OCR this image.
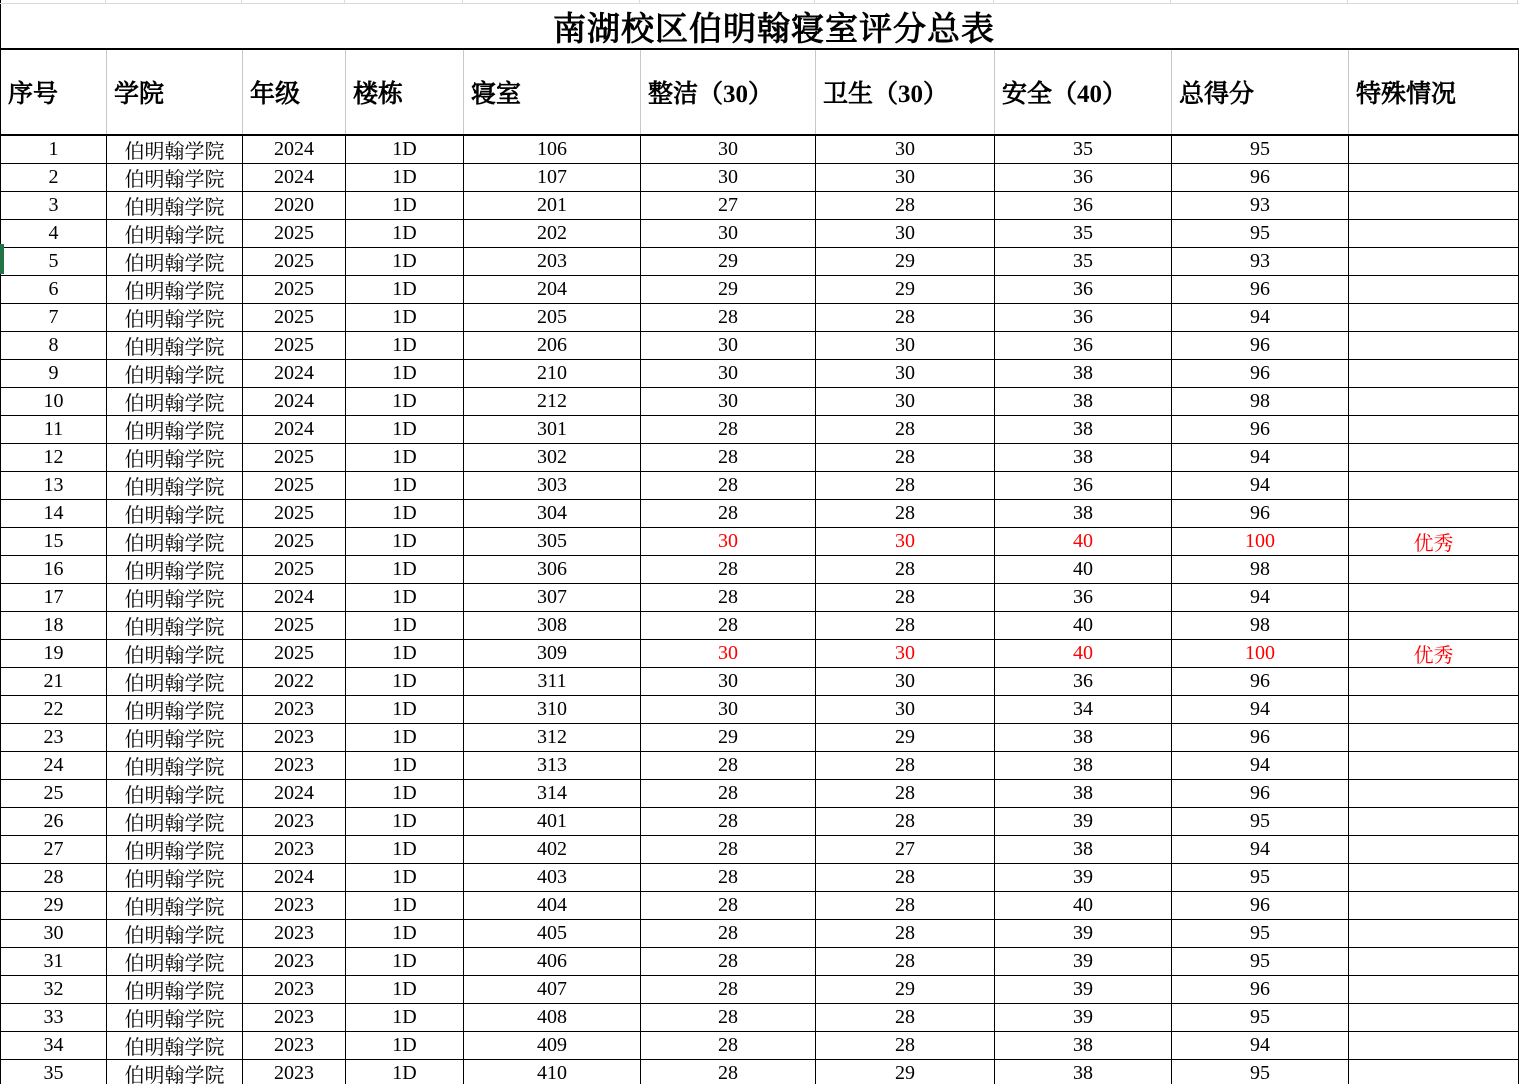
南湖校区伯明翰寝室评分总表
序号	学院	年级	楼栋	寝室	整洁（30）	卫生（30）	安全（40）	总得分	特殊情况
1	伯明翰学院	2024	1D	106	30	30	35	95
2	伯明翰学院	2024	1D	107	30	30	36	96
3	伯明翰学院	2020	1D	201	27	28	36	93
4	伯明翰学院	2025	1D	202	30	30	35	95
5	伯明翰学院	2025	1D	203	29	29	35	93
6	伯明翰学院	2025	1D	204	29	29	36	96
7	伯明翰学院	2025	1D	205	28	28	36	94
8	伯明翰学院	2025	1D	206	30	30	36	96
9	伯明翰学院	2024	1D	210	30	30	38	96
10	伯明翰学院	2024	1D	212	30	30	38	98
11	伯明翰学院	2024	1D	301	28	28	38	96
12	伯明翰学院	2025	1D	302	28	28	38	94
13	伯明翰学院	2025	1D	303	28	28	36	94
14	伯明翰学院	2025	1D	304	28	28	38	96
15	伯明翰学院	2025	1D	305	30	30	40	100	优秀
16	伯明翰学院	2025	1D	306	28	28	40	98
17	伯明翰学院	2024	1D	307	28	28	36	94
18	伯明翰学院	2025	1D	308	28	28	40	98
19	伯明翰学院	2025	1D	309	30	30	40	100	优秀
21	伯明翰学院	2022	1D	311	30	30	36	96
22	伯明翰学院	2023	1D	310	30	30	34	94
23	伯明翰学院	2023	1D	312	29	29	38	96
24	伯明翰学院	2023	1D	313	28	28	38	94
25	伯明翰学院	2024	1D	314	28	28	38	96
26	伯明翰学院	2023	1D	401	28	28	39	95
27	伯明翰学院	2023	1D	402	28	27	38	94
28	伯明翰学院	2024	1D	403	28	28	39	95
29	伯明翰学院	2023	1D	404	28	28	40	96
30	伯明翰学院	2023	1D	405	28	28	39	95
31	伯明翰学院	2023	1D	406	28	28	39	95
32	伯明翰学院	2023	1D	407	28	29	39	96
33	伯明翰学院	2023	1D	408	28	28	39	95
34	伯明翰学院	2023	1D	409	28	28	38	94
35	伯明翰学院	2023	1D	410	28	29	38	95
